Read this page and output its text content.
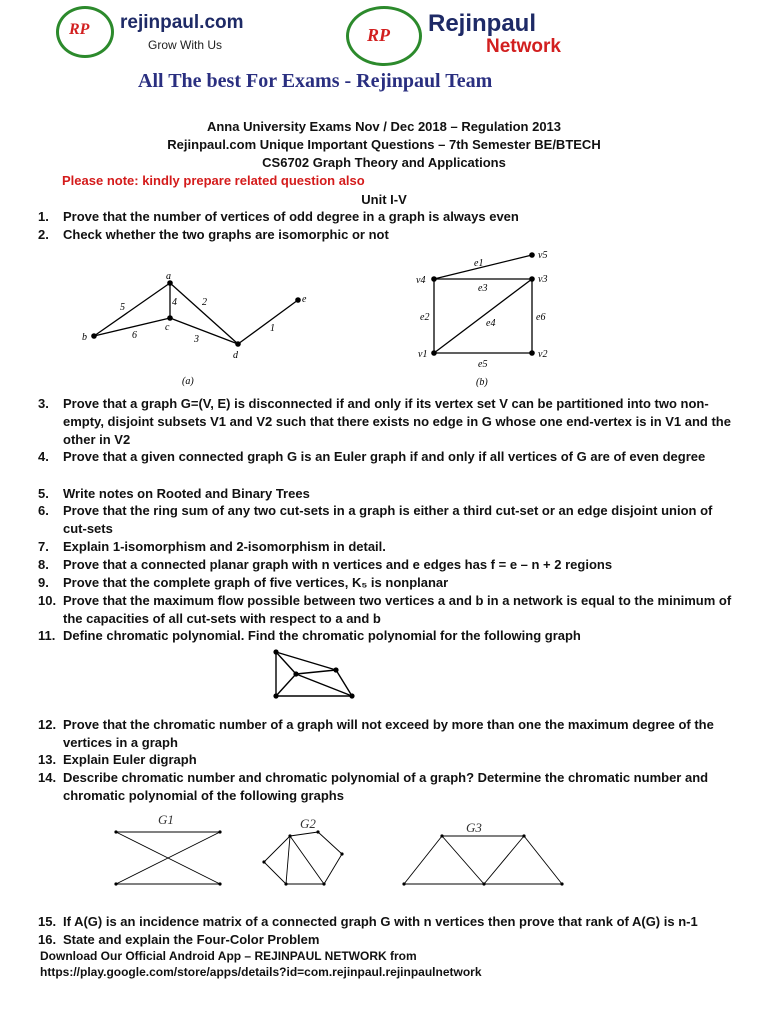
RP rejinpaul.com
Grow With Us	RP Rejinpaul
Network
All The best For Exams - Rejinpaul Team
Anna University Exams Nov / Dec 2018 – Regulation 2013
Rejinpaul.com Unique Important Questions – 7th Semester BE/BTECH
CS6702 Graph Theory and Applications
Please note: kindly prepare related question also
Unit I-V
1. Prove that the number of vertices of odd degree in a graph is always even
2. Check whether the two graphs are isomorphic or not
a
b
c
d
e
5	4	2
6	3
1
(a)
v4
v5
v3
v1	v2
e1
e3
e2
e4
e6
e5
(b)
3. Prove that a graph G=(V, E) is disconnected if and only if its vertex set V can be partitioned into two non-empty, disjoint subsets V1 and V2 such that there exists no edge in G whose one end-vertex is in V1 and the other in V2
4. Prove that a given connected graph G is an Euler graph if and only if all vertices of G are of even degree
5. Write notes on Rooted and Binary Trees
6. Prove that the ring sum of any two cut-sets in a graph is either a third cut-set or an edge disjoint union of cut-sets
7. Explain 1-isomorphism and 2-isomorphism in detail.
8. Prove that a connected planar graph with n vertices and e edges has f = e – n + 2 regions
9. Prove that the complete graph of five vertices, K₅ is nonplanar
10. Prove that the maximum flow possible between two vertices a and b in a network is equal to the minimum of the capacities of all cut-sets with respect to a and b
11. Define chromatic polynomial. Find the chromatic polynomial for the following graph
12. Prove that the chromatic number of a graph will not exceed by more than one the maximum degree of the vertices in a graph
13. Explain Euler digraph
14. Describe chromatic number and chromatic polynomial of a graph? Determine the chromatic number and chromatic polynomial of the following graphs
G1	G2	G3
15. If A(G) is an incidence matrix of a connected graph G with n vertices then prove that rank of A(G) is n-1
16. State and explain the Four-Color Problem
Download Our Official Android App – REJINPAUL NETWORK from
https://play.google.com/store/apps/details?id=com.rejinpaul.rejinpaulnetwork
